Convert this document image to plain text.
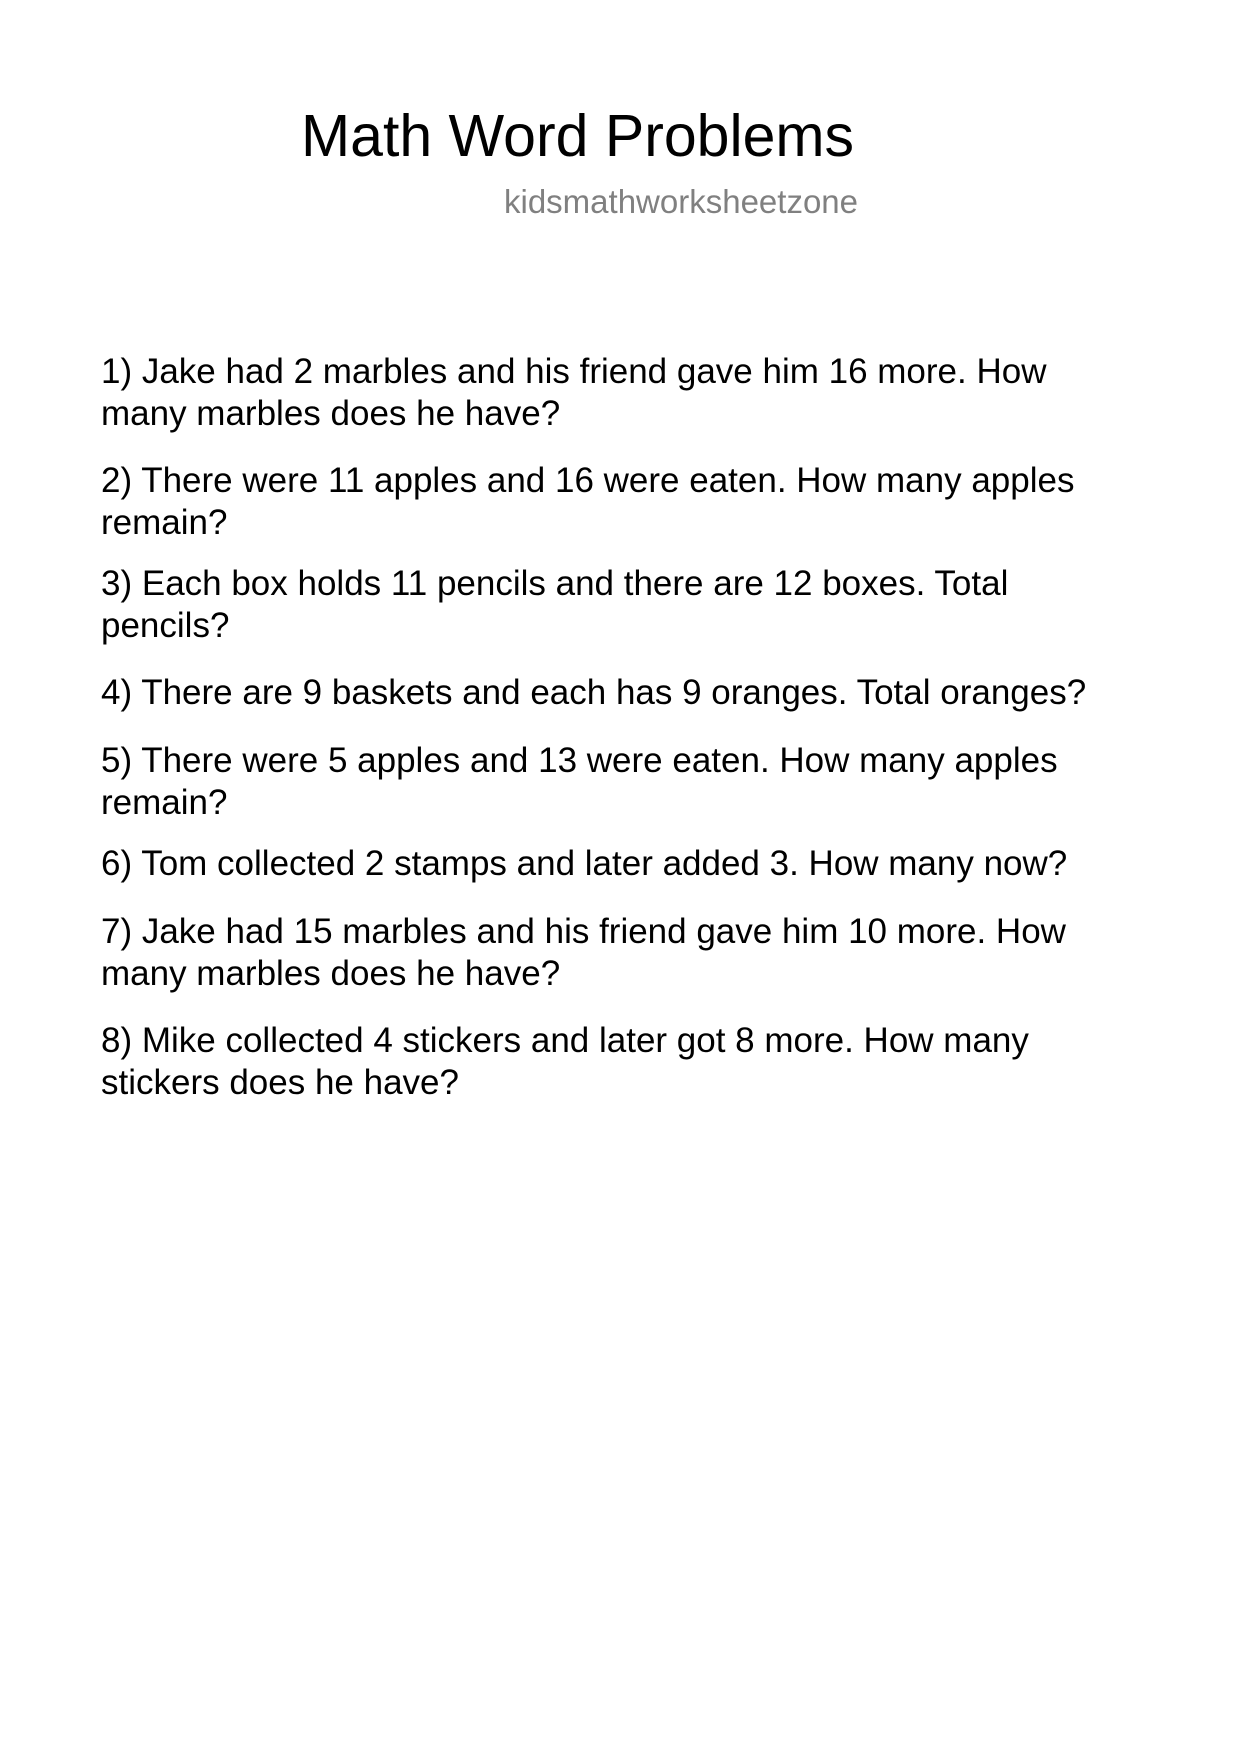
Math Word Problems
kidsmathworksheetzone

1) Jake had 2 marbles and his friend gave him 16 more. How many marbles does he have?

2) There were 11 apples and 16 were eaten. How many apples remain?

3) Each box holds 11 pencils and there are 12 boxes. Total pencils?

4) There are 9 baskets and each has 9 oranges. Total oranges?

5) There were 5 apples and 13 were eaten. How many apples remain?

6) Tom collected 2 stamps and later added 3. How many now?

7) Jake had 15 marbles and his friend gave him 10 more. How many marbles does he have?

8) Mike collected 4 stickers and later got 8 more. How many stickers does he have?
